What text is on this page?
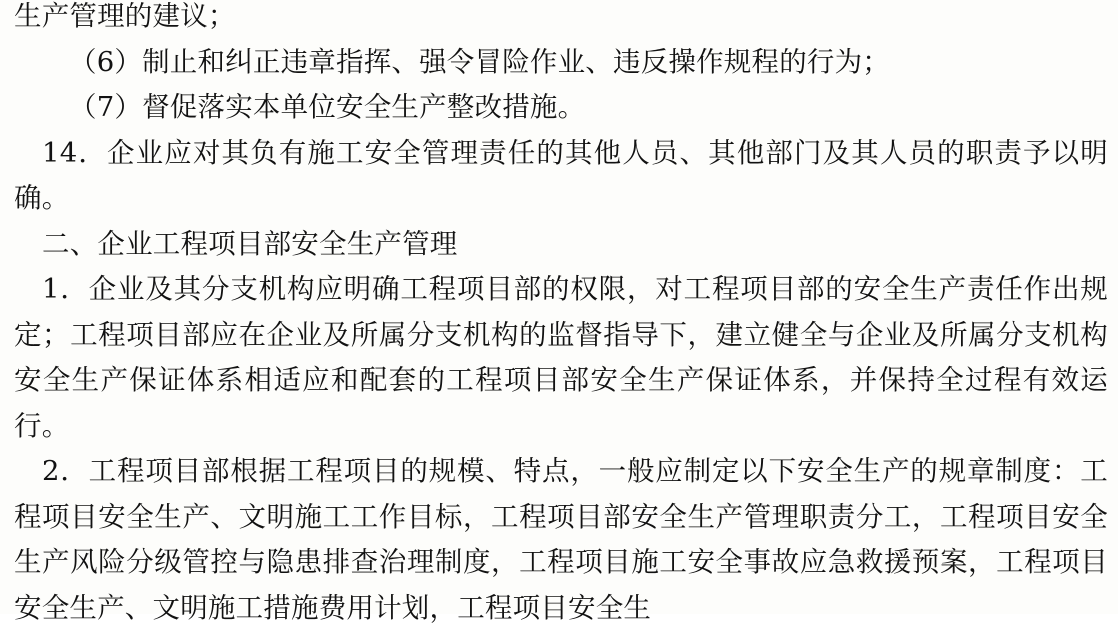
生产管理的建议；

（6）制止和纠正违章指挥、强令冒险作业、违反操作规程的行为；

（7）督促落实本单位安全生产整改措施。

14．企业应对其负有施工安全管理责任的其他人员、其他部门及其人员的职责予以明确。

二、企业工程项目部安全生产管理

1．企业及其分支机构应明确工程项目部的权限，对工程项目部的安全生产责任作出规定；工程项目部应在企业及所属分支机构的监督指导下，建立健全与企业及所属分支机构安全生产保证体系相适应和配套的工程项目部安全生产保证体系，并保持全过程有效运行。

2．工程项目部根据工程项目的规模、特点，一般应制定以下安全生产的规章制度：工程项目安全生产、文明施工工作目标，工程项目部安全生产管理职责分工，工程项目安全生产风险分级管控与隐患排查治理制度，工程项目施工安全事故应急救援预案，工程项目安全生产、文明施工措施费用计划，工程项目安全生
